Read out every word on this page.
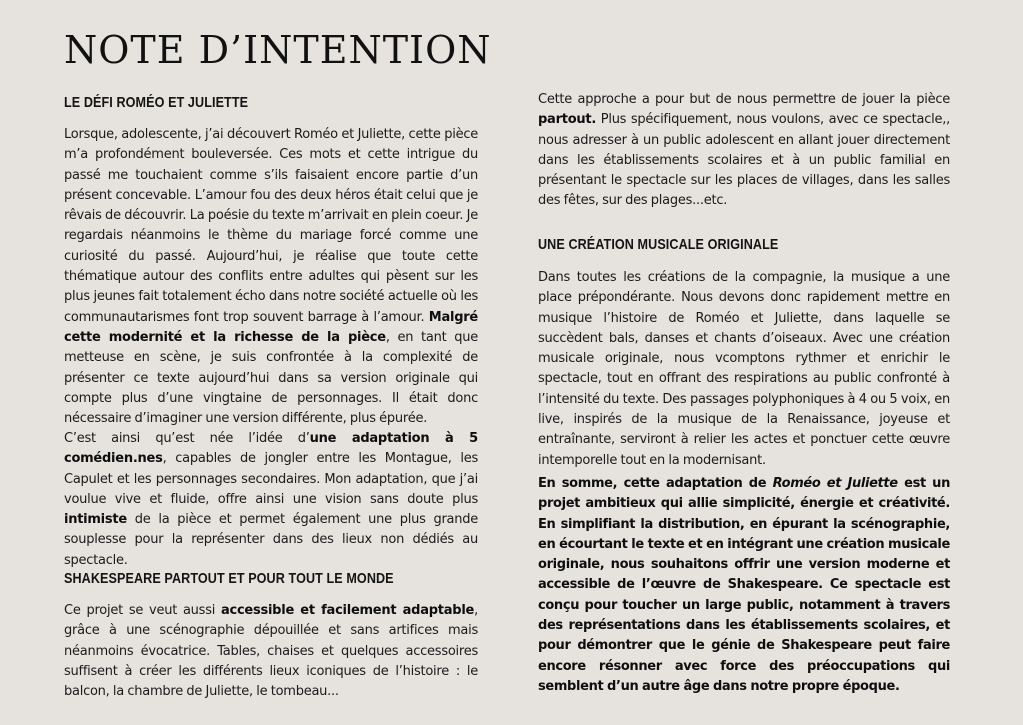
NOTE D’INTENTION
LE DÉFI ROMÉO ET JULIETTE

Lorsque, adolescente, j’ai découvert Roméo et Juliette, cette pièce m’a profondément bouleversée. Ces mots et cette intrigue du passé me touchaient comme s’ils faisaient encore partie d’un présent concevable. L’amour fou des deux héros était celui que je rêvais de découvrir. La poésie du texte m’arrivait en plein coeur. Je regardais néanmoins le thème du mariage forcé comme une curiosité du passé. Aujourd’hui, je réalise que toute cette thématique autour des conflits entre adultes qui pèsent sur les plus jeunes fait totalement écho dans notre société actuelle où les communautarismes font trop souvent barrage à l’amour. Malgré cette modernité et la richesse de la pièce, en tant que metteuse en scène, je suis confrontée à la complexité de présenter ce texte aujourd’hui dans sa version originale qui compte plus d’une vingtaine de personnages. Il était donc nécessaire d’imaginer une version différente, plus épurée.

C’est ainsi qu’est née l’idée d’une adaptation à 5 comédien.nes, capables de jongler entre les Montague, les Capulet et les personnages secondaires. Mon adaptation, que j’ai voulue vive et fluide, offre ainsi une vision sans doute plus intimiste de la pièce et permet également une plus grande souplesse pour la représenter dans des lieux non dédiés au spectacle.

SHAKESPEARE PARTOUT ET POUR TOUT LE MONDE

Ce projet se veut aussi accessible et facilement adaptable, grâce à une scénographie dépouillée et sans artifices mais néanmoins évocatrice. Tables, chaises et quelques accessoires suffisent à créer les différents lieux iconiques de l’histoire : le balcon, la chambre de Juliette, le tombeau...

Cette approche a pour but de nous permettre de jouer la pièce partout. Plus spécifiquement, nous voulons, avec ce spectacle,, nous adresser à un public adolescent en allant jouer directement dans les établissements scolaires et à un public familial en présentant le spectacle sur les places de villages, dans les salles des fêtes, sur des plages...etc.

UNE CRÉATION MUSICALE ORIGINALE

Dans toutes les créations de la compagnie, la musique a une place prépondérante. Nous devons donc rapidement mettre en musique l’histoire de Roméo et Juliette, dans laquelle se succèdent bals, danses et chants d’oiseaux. Avec une création musicale originale, nous vcomptons rythmer et enrichir le spectacle, tout en offrant des respirations au public confronté à l’intensité du texte. Des passages polyphoniques à 4 ou 5 voix, en live, inspirés de la musique de la Renaissance, joyeuse et entraînante, serviront à relier les actes et ponctuer cette œuvre intemporelle tout en la modernisant.

En somme, cette adaptation de Roméo et Juliette est un projet ambitieux qui allie simplicité, énergie et créativité. En simplifiant la distribution, en épurant la scénographie, en écourtant le texte et en intégrant une création musicale originale, nous souhaitons offrir une version moderne et accessible de l’œuvre de Shakespeare. Ce spectacle est conçu pour toucher un large public, notamment à travers des représentations dans les établissements scolaires, et pour démontrer que le génie de Shakespeare peut faire encore résonner avec force des préoccupations qui semblent d’un autre âge dans notre propre époque.
